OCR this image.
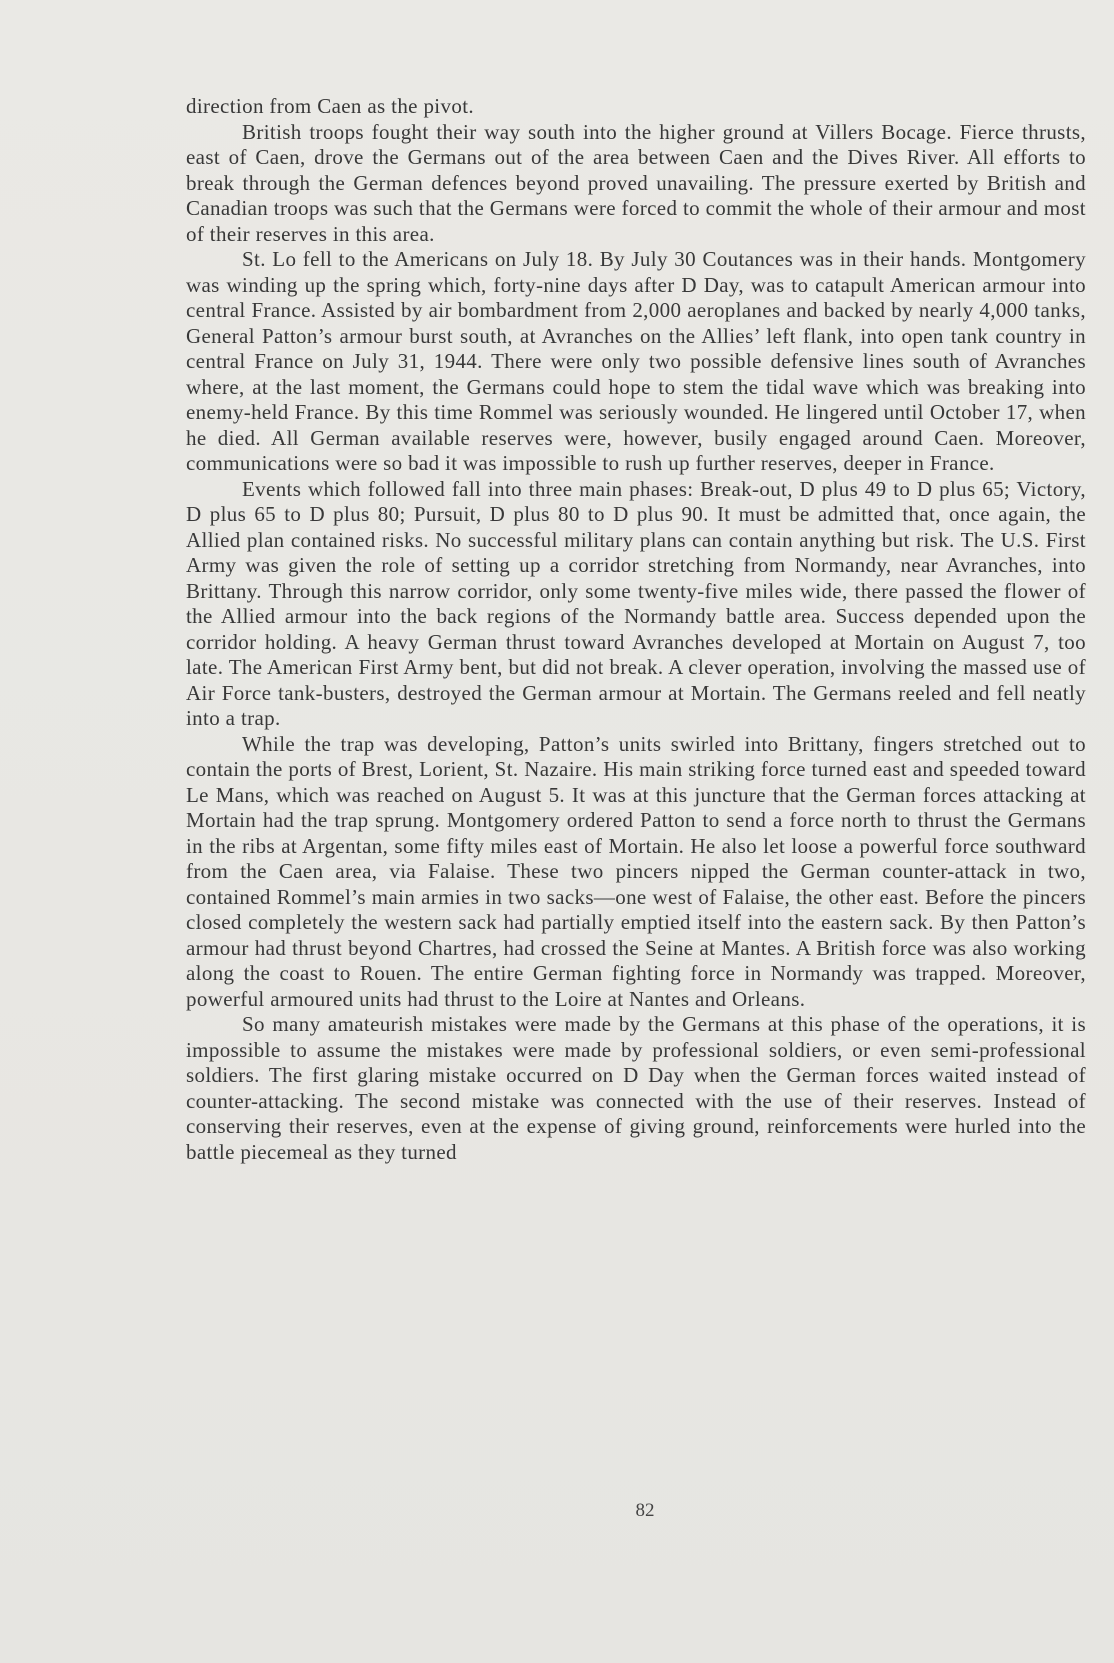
direction from Caen as the pivot.

British troops fought their way south into the higher ground at Villers Bocage. Fierce thrusts, east of Caen, drove the Germans out of the area between Caen and the Dives River. All efforts to break through the German defences beyond proved unavailing. The pressure exerted by British and Canadian troops was such that the Germans were forced to commit the whole of their armour and most of their reserves in this area.

St. Lo fell to the Americans on July 18. By July 30 Coutances was in their hands. Montgomery was winding up the spring which, forty-nine days after D Day, was to catapult American armour into central France. Assisted by air bombardment from 2,000 aeroplanes and backed by nearly 4,000 tanks, General Patton’s armour burst south, at Avranches on the Allies’ left flank, into open tank country in central France on July 31, 1944. There were only two possible defensive lines south of Avranches where, at the last moment, the Germans could hope to stem the tidal wave which was breaking into enemy-held France. By this time Rommel was seriously wounded. He lingered until October 17, when he died. All German available reserves were, however, busily engaged around Caen. Moreover, communications were so bad it was impossible to rush up further reserves, deeper in France.

Events which followed fall into three main phases: Break-out, D plus 49 to D plus 65; Victory, D plus 65 to D plus 80; Pursuit, D plus 80 to D plus 90. It must be admitted that, once again, the Allied plan contained risks. No successful military plans can contain anything but risk. The U.S. First Army was given the role of setting up a corridor stretching from Normandy, near Avranches, into Brittany. Through this narrow corridor, only some twenty-five miles wide, there passed the flower of the Allied armour into the back regions of the Normandy battle area. Success depended upon the corridor holding. A heavy German thrust toward Avranches developed at Mortain on August 7, too late. The American First Army bent, but did not break. A clever operation, involving the massed use of Air Force tank-busters, destroyed the German armour at Mortain. The Germans reeled and fell neatly into a trap.

While the trap was developing, Patton’s units swirled into Brittany, fingers stretched out to contain the ports of Brest, Lorient, St. Nazaire. His main striking force turned east and speeded toward Le Mans, which was reached on August 5. It was at this juncture that the German forces attacking at Mortain had the trap sprung. Montgomery ordered Patton to send a force north to thrust the Germans in the ribs at Argentan, some fifty miles east of Mortain. He also let loose a powerful force southward from the Caen area, via Falaise. These two pincers nipped the German counter-attack in two, contained Rommel’s main armies in two sacks—one west of Falaise, the other east. Before the pincers closed completely the western sack had partially emptied itself into the eastern sack. By then Patton’s armour had thrust beyond Chartres, had crossed the Seine at Mantes. A British force was also working along the coast to Rouen. The entire German fighting force in Normandy was trapped. Moreover, powerful armoured units had thrust to the Loire at Nantes and Orleans.

So many amateurish mistakes were made by the Germans at this phase of the operations, it is impossible to assume the mistakes were made by professional soldiers, or even semi-professional soldiers. The first glaring mistake occurred on D Day when the German forces waited instead of counter-attacking. The second mistake was connected with the use of their reserves. Instead of conserving their reserves, even at the expense of giving ground, reinforcements were hurled into the battle piecemeal as they turned

82
